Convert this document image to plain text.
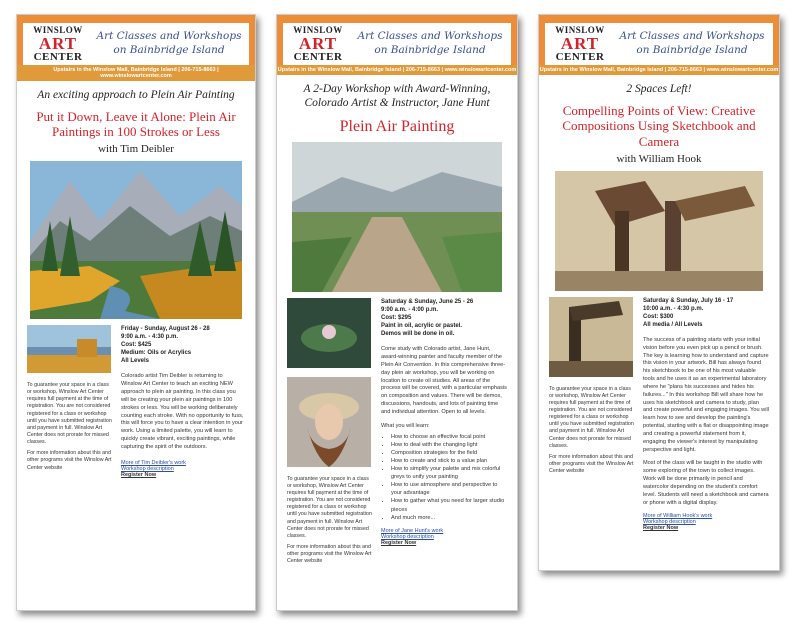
WINSLOW
ART
CENTER
Art Classes and Workshops
on Bainbridge Island
Upstairs in the Winslow Mall, Bainbridge Island | 206-715-8663 | www.winslowartcenter.com
An exciting approach to Plein Air Painting
Put it Down, Leave it Alone: Plein Air Paintings in 100 Strokes or Less
with Tim Deibler
To guarantee your space in a class or workshop, Winslow Art Center requires full payment at the time of registration. You are not considered registered for a class or workshop until you have submitted registration and payment in full. Winslow Art Center does not prorate for missed classes.
For more information about this and other programs visit the Winslow Art Center website
Friday - Sunday, August 26 - 28
9:00 a.m. - 4:30 p.m.
Cost: $425
Medium: Oils or Acrylics
All Levels
Colorado artist Tim Deibler is returning to Winslow Art Center to teach an exciting NEW approach to plein air painting. In this class you will be creating your plein air paintings in 100 strokes or less. You will be working deliberately counting each stroke. With no opportunity to fuss, this will force you to have a clear intention in your work. Using a limited palette, you will learn to quickly create vibrant, exciting paintings, while capturing the spirit of the outdoors.
More of Tim Deibler's work
Workshop description
Register Now
WINSLOW
ART
CENTER
Art Classes and Workshops
on Bainbridge Island
Upstairs in the Winslow Mall, Bainbridge Island | 206-715-8663 | www.winslowartcenter.com
A 2-Day Workshop with Award-Winning, Colorado Artist & Instructor, Jane Hunt
Plein Air Painting

To guarantee your space in a class or workshop, Winslow Art Center requires full payment at the time of registration. You are not considered registered for a class or workshop until you have submitted registration and payment in full. Winslow Art Center does not prorate for missed classes.
For more information about this and other programs visit the Winslow Art Center website
Saturday & Sunday, June 25 - 26
9:00 a.m. - 4:00 p.m.
Cost: $295
Paint in oil, acrylic or pastel.
Demos will be done in oil.
Come study with Colorado artist, Jane Hunt, award-winning painter and faculty member of the Plein Air Convention. In this comprehensive three-day plein air workshop, you will be working on location to create oil studies. All areas of the process will be covered, with a particular emphasis on composition and values. There will be demos, discussions, handouts, and lots of painting time and individual attention. Open to all levels.
What you will learn:
• How to choose an effective focal point
• How to deal with the changing light
• Composition strategies for the field
• How to create and stick to a value plan
• How to simplify your palette and mix colorful greys to unify your painting
• How to use atmosphere and perspective to your advantage
• How to gather what you need for larger studio pieces
• And much more...
More of Jane Hunt's work
Workshop description
Register Now
WINSLOW
ART
CENTER
Art Classes and Workshops
on Bainbridge Island
Upstairs in the Winslow Mall, Bainbridge Island | 206-715-8663 | www.winslowartcenter.com
2 Spaces Left!
Compelling Points of View: Creative Compositions Using Sketchbook and Camera
with William Hook
To guarantee your space in a class or workshop, Winslow Art Center requires full payment at the time of registration. You are not considered registered for a class or workshop until you have submitted registration and payment in full. Winslow Art Center does not prorate for missed classes.
For more information about this and other programs visit the Winslow Art Center website
Saturday & Sunday, July 16 - 17
10:00 a.m. - 4:30 p.m.
Cost: $300
All media / All Levels
The success of a painting starts with your initial vision before you even pick up a pencil or brush. The key is learning how to understand and capture this vision in your artwork. Bill has always found his sketchbook to be one of his most valuable tools and he uses it as an experimental laboratory where he "plans his successes and hides his failures..." In this workshop Bill will share how he uses his sketchbook and camera to study, plan and create powerful and engaging images. You will learn how to see and develop the painting's potential, starting with a flat or disappointing image and creating a powerful statement from it, engaging the viewer's interest by manipulating perspective and light.
Most of the class will be taught in the studio with some exploring of the town to collect images. Work will be done primarily in pencil and watercolor depending on the student's comfort level. Students will need a sketchbook and camera or phone with a digital display.
More of William Hook's work
Workshop description
Register Now
